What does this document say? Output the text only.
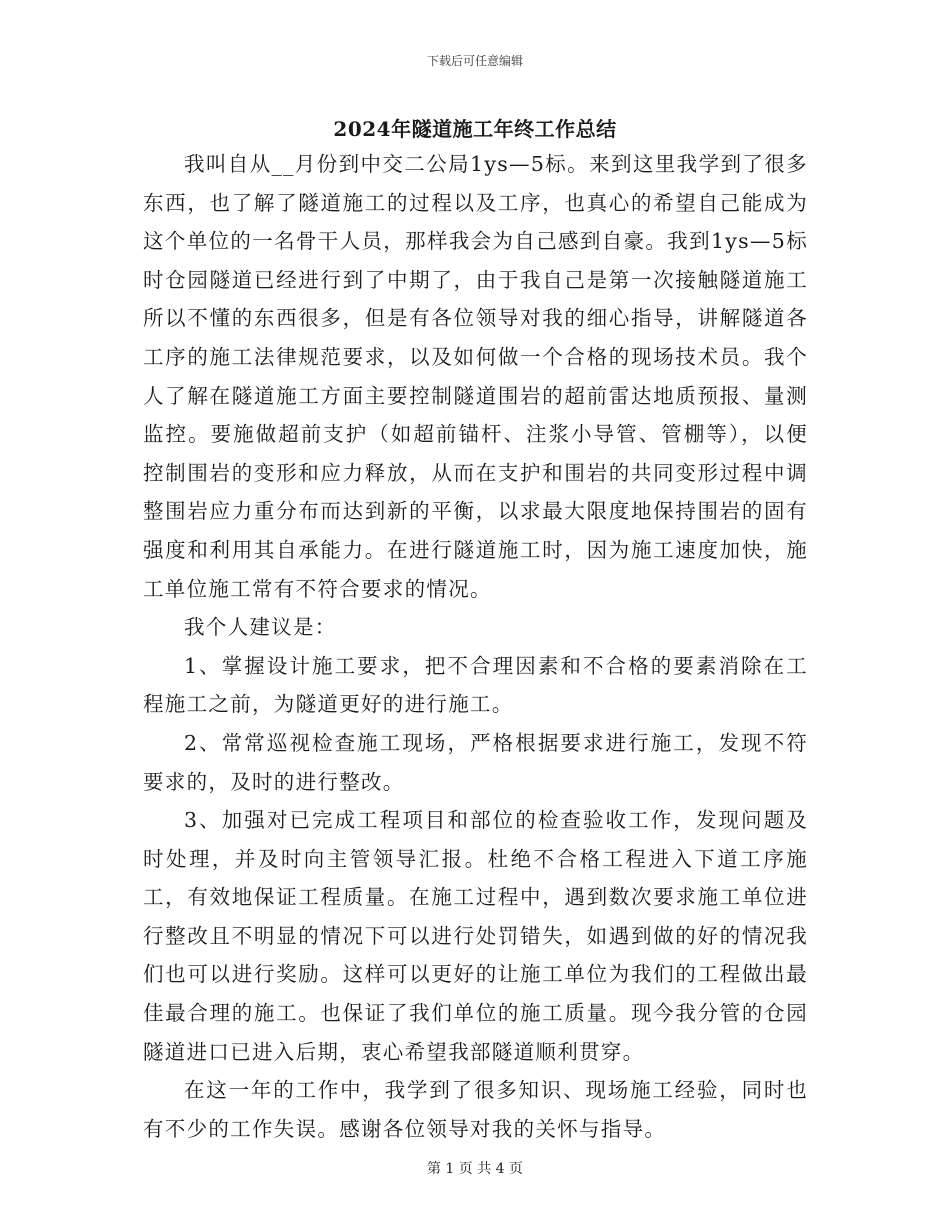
下载后可任意编辑
2024年隧道施工年终工作总结

我叫自从__月份到中交二公局1ys—5标。来到这里我学到了很多东西，也了解了隧道施工的过程以及工序，也真心的希望自己能成为这个单位的一名骨干人员，那样我会为自己感到自豪。我到1ys—5标时仓园隧道已经进行到了中期了，由于我自己是第一次接触隧道施工所以不懂的东西很多，但是有各位领导对我的细心指导，讲解隧道各工序的施工法律规范要求，以及如何做一个合格的现场技术员。我个人了解在隧道施工方面主要控制隧道围岩的超前雷达地质预报、量测监控。要施做超前支护（如超前锚杆、注浆小导管、管棚等），以便控制围岩的变形和应力释放，从而在支护和围岩的共同变形过程中调整围岩应力重分布而达到新的平衡，以求最大限度地保持围岩的固有强度和利用其自承能力。在进行隧道施工时，因为施工速度加快，施工单位施工常有不符合要求的情况。

我个人建议是：

1、掌握设计施工要求，把不合理因素和不合格的要素消除在工程施工之前，为隧道更好的进行施工。

2、常常巡视检查施工现场，严格根据要求进行施工，发现不符要求的，及时的进行整改。

3、加强对已完成工程项目和部位的检查验收工作，发现问题及时处理，并及时向主管领导汇报。杜绝不合格工程进入下道工序施工，有效地保证工程质量。在施工过程中，遇到数次要求施工单位进行整改且不明显的情况下可以进行处罚错失，如遇到做的好的情况我们也可以进行奖励。这样可以更好的让施工单位为我们的工程做出最佳最合理的施工。也保证了我们单位的施工质量。现今我分管的仓园隧道进口已进入后期，衷心希望我部隧道顺利贯穿。

在这一年的工作中，我学到了很多知识、现场施工经验，同时也有不少的工作失误。感谢各位领导对我的关怀与指导。

第 1 页 共 4 页
